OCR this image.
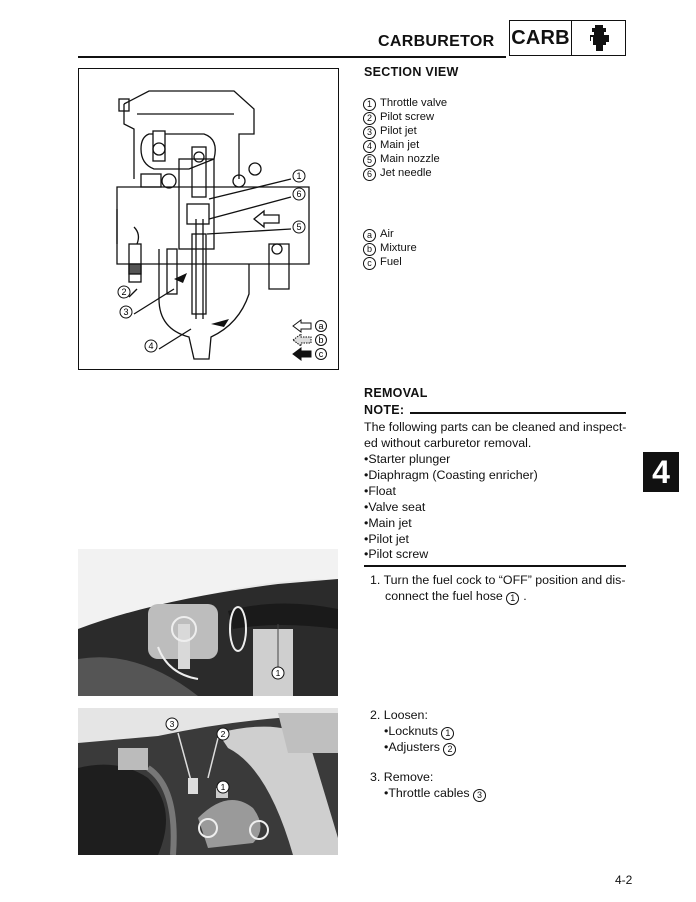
CARBURETOR CARB
1
6
5
2
3
4
a
b
c
1
3
2
1
SECTION VIEW
1 Throttle valve
2 Pilot screw
3 Pilot jet
4 Main jet
5 Main nozzle
6 Jet needle
a Air
b Mixture
c Fuel
REMOVAL
NOTE:
The following parts can be cleaned and inspect-ed without carburetor removal.
•Starter plunger
•Diaphragm (Coasting enricher)
•Float
•Valve seat
•Main jet
•Pilot jet
•Pilot screw
1. Turn the fuel cock to “OFF” position and dis-
connect the fuel hose 1 .
2. Loosen:
•Locknuts 1
•Adjusters 2
3. Remove:
•Throttle cables 3
4
4-2
